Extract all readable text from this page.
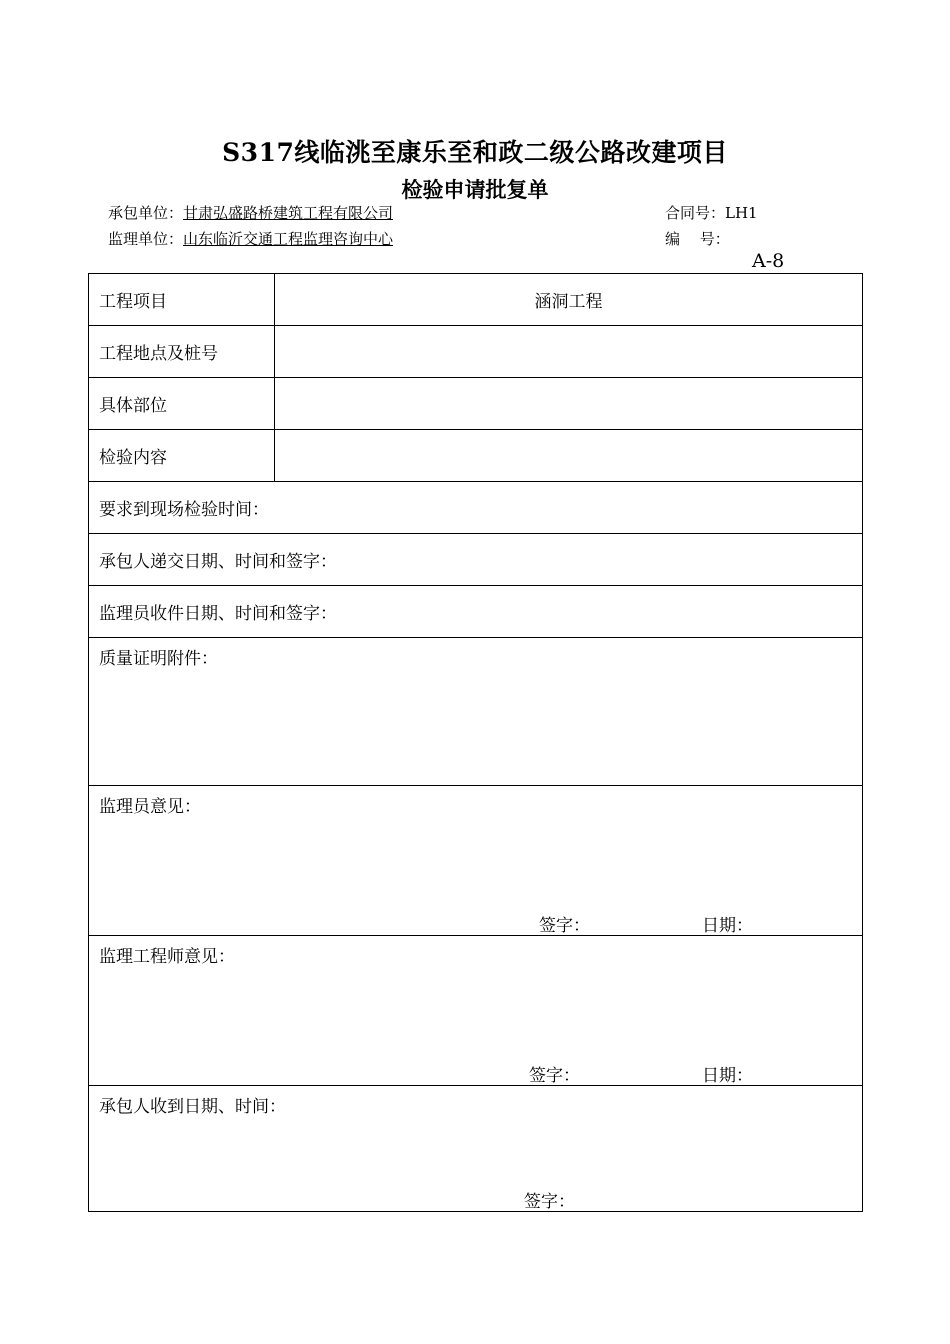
S317线临洮至康乐至和政二级公路改建项目
检验申请批复单
承包单位：甘肃弘盛路桥建筑工程有限公司
监理单位：山东临沂交通工程监理咨询中心
合同号：LH1
编　 号：
A-8
工程项目	涵洞工程
工程地点及桩号	
具体部位	
检验内容	
要求到现场检验时间：	
承包人递交日期、时间和签字：	
监理员收件日期、时间和签字：	
质量证明附件：	
监理员意见：
签字： 日期：	

监理工程师意见：
签字： 日期：	

承包人收到日期、时间：
签字：	
